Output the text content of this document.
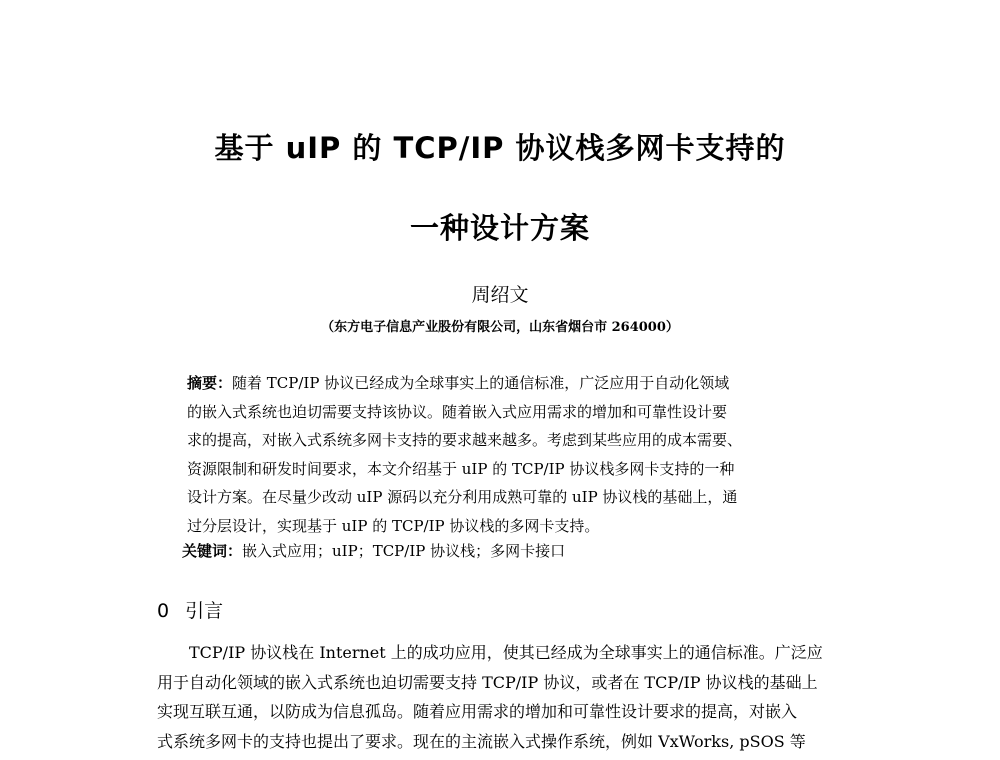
基于 uIP 的 TCP/IP 协议栈多网卡支持的
一种设计方案
周绍文
（东方电子信息产业股份有限公司，山东省烟台市 264000）
摘要：随着 TCP/IP 协议已经成为全球事实上的通信标准，广泛应用于自动化领域
的嵌入式系统也迫切需要支持该协议。随着嵌入式应用需求的增加和可靠性设计要
求的提高，对嵌入式系统多网卡支持的要求越来越多。考虑到某些应用的成本需要、
资源限制和研发时间要求，本文介绍基于 uIP 的 TCP/IP 协议栈多网卡支持的一种
设计方案。在尽量少改动 uIP 源码以充分利用成熟可靠的 uIP 协议栈的基础上，通
过分层设计，实现基于 uIP 的 TCP/IP 协议栈的多网卡支持。
关键词：嵌入式应用；uIP；TCP/IP 协议栈；多网卡接口
0 引言
TCP/IP 协议栈在 Internet 上的成功应用，使其已经成为全球事实上的通信标准。广泛应
用于自动化领域的嵌入式系统也迫切需要支持 TCP/IP 协议，或者在 TCP/IP 协议栈的基础上
实现互联互通，以防成为信息孤岛。随着应用需求的增加和可靠性设计要求的提高，对嵌入
式系统多网卡的支持也提出了要求。现在的主流嵌入式操作系统，例如 VxWorks, pSOS 等
